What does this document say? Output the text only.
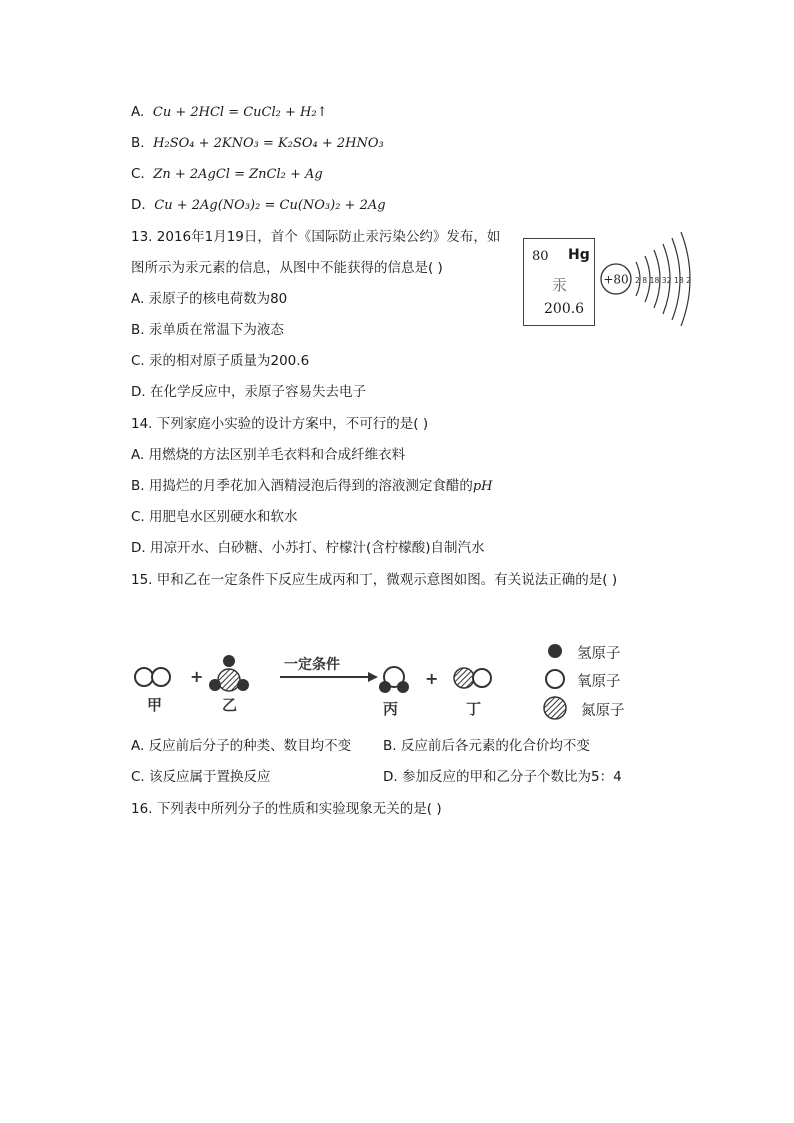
A. Cu + 2HCl = CuCl₂ + H₂↑
B. H₂SO₄ + 2KNO₃ = K₂SO₄ + 2HNO₃
C. Zn + 2AgCl = ZnCl₂ + Ag
D. Cu + 2Ag(NO₃)₂ = Cu(NO₃)₂ + 2Ag
13. 2016年1月19日，首个《国际防止汞污染公约》发布，如
图所示为汞元素的信息，从图中不能获得的信息是( )
A. 汞原子的核电荷数为80
B. 汞单质在常温下为液态
C. 汞的相对原子质量为200.6
D. 在化学反应中，汞原子容易失去电子
80 Hg
汞
200.6
+80 2 8 18 32 18 2
14. 下列家庭小实验的设计方案中，不可行的是( )
A. 用燃烧的方法区别羊毛衣料和合成纤维衣料
B. 用捣烂的月季花加入酒精浸泡后得到的溶液测定食醋的pH
C. 用肥皂水区别硬水和软水
D. 用凉开水、白砂糖、小苏打、柠檬汁(含柠檬酸)自制汽水
15. 甲和乙在一定条件下反应生成丙和丁，微观示意图如图。有关说法正确的是( )
+
一定条件
+
甲	乙	丙	丁
氢原子
氧原子
氮原子
A. 反应前后分子的种类、数目均不变 B. 反应前后各元素的化合价均不变
C. 该反应属于置换反应	D. 参加反应的甲和乙分子个数比为5：4
16. 下列表中所列分子的性质和实验现象无关的是( )
